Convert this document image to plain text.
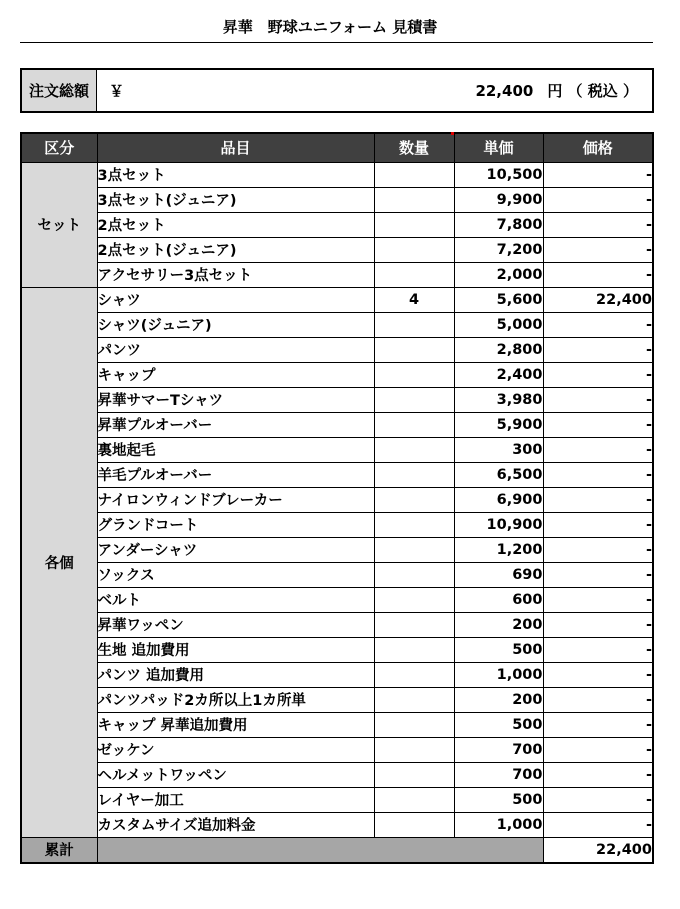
昇華　野球ユニフォーム 見積書
注文総額	￥	22,400 円 （ 税込 ）
区分	品目	数量	単価	価格
セット	3点セット		10,500	-
	3点セット(ジュニア)		9,900	-
	2点セット		7,800	-
	2点セット(ジュニア)		7,200	-
	アクセサリー3点セット		2,000	-
各個	シャツ	4	5,600	22,400
	シャツ(ジュニア)		5,000	-
	パンツ		2,800	-
	キャップ		2,400	-
	昇華サマーTシャツ		3,980	-
	昇華プルオーバー		5,900	-
	裏地起毛		300	-
	羊毛プルオーバー		6,500	-
	ナイロンウィンドブレーカー		6,900	-
	グランドコート		10,900	-
	アンダーシャツ		1,200	-
	ソックス		690	-
	ベルト		600	-
	昇華ワッペン		200	-
	生地 追加費用		500	-
	パンツ 追加費用		1,000	-
	パンツパッド2カ所以上1カ所単		200	-
	キャップ 昇華追加費用		500	-
	ゼッケン		700	-
	ヘルメットワッペン		700	-
	レイヤー加工		500	-
	カスタムサイズ追加料金		1,000	-
累計				22,400
